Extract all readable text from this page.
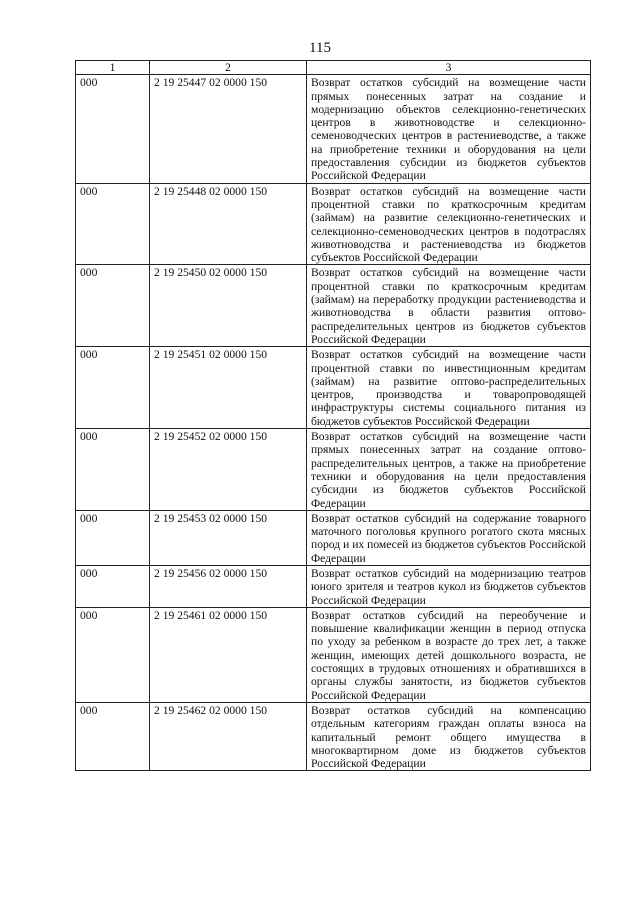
115
1	2	3
000	2 19 25447 02 0000 150	Возврат остатков субсидий на возмещение части прямых понесенных затрат на создание и модернизацию объектов селекционно-генетических центров в животноводстве и селекционно-семеноводческих центров в растениеводстве, а также на приобретение техники и оборудования на цели предоставления субсидии из бюджетов субъектов Российской Федерации
000	2 19 25448 02 0000 150	Возврат остатков субсидий на возмещение части процентной ставки по краткосрочным кредитам (займам) на развитие селекционно-генетических и селекционно-семеноводческих центров в подотраслях животноводства и растениеводства из бюджетов субъектов Российской Федерации
000	2 19 25450 02 0000 150	Возврат остатков субсидий на возмещение части процентной ставки по краткосрочным кредитам (займам) на переработку продукции растениеводства и животноводства в области развития оптово-распределительных центров из бюджетов субъектов Российской Федерации
000	2 19 25451 02 0000 150	Возврат остатков субсидий на возмещение части процентной ставки по инвестиционным кредитам (займам) на развитие оптово-распределительных центров, производства и товаропроводящей инфраструктуры системы социального питания из бюджетов субъектов Российской Федерации
000	2 19 25452 02 0000 150	Возврат остатков субсидий на возмещение части прямых понесенных затрат на создание оптово-распределительных центров, а также на приобретение техники и оборудования на цели предоставления субсидии из бюджетов субъектов Российской Федерации
000	2 19 25453 02 0000 150	Возврат остатков субсидий на содержание товарного маточного поголовья крупного рогатого скота мясных пород и их помесей из бюджетов субъектов Российской Федерации
000	2 19 25456 02 0000 150	Возврат остатков субсидий на модернизацию театров юного зрителя и театров кукол из бюджетов субъектов Российской Федерации
000	2 19 25461 02 0000 150	Возврат остатков субсидий на переобучение и повышение квалификации женщин в период отпуска по уходу за ребенком в возрасте до трех лет, а также женщин, имеющих детей дошкольного возраста, не состоящих в трудовых отношениях и обратившихся в органы службы занятости, из бюджетов субъектов Российской Федерации
000	2 19 25462 02 0000 150	Возврат остатков субсидий на компенсацию отдельным категориям граждан оплаты взноса на капитальный ремонт общего имущества в многоквартирном доме из бюджетов субъектов Российской Федерации
